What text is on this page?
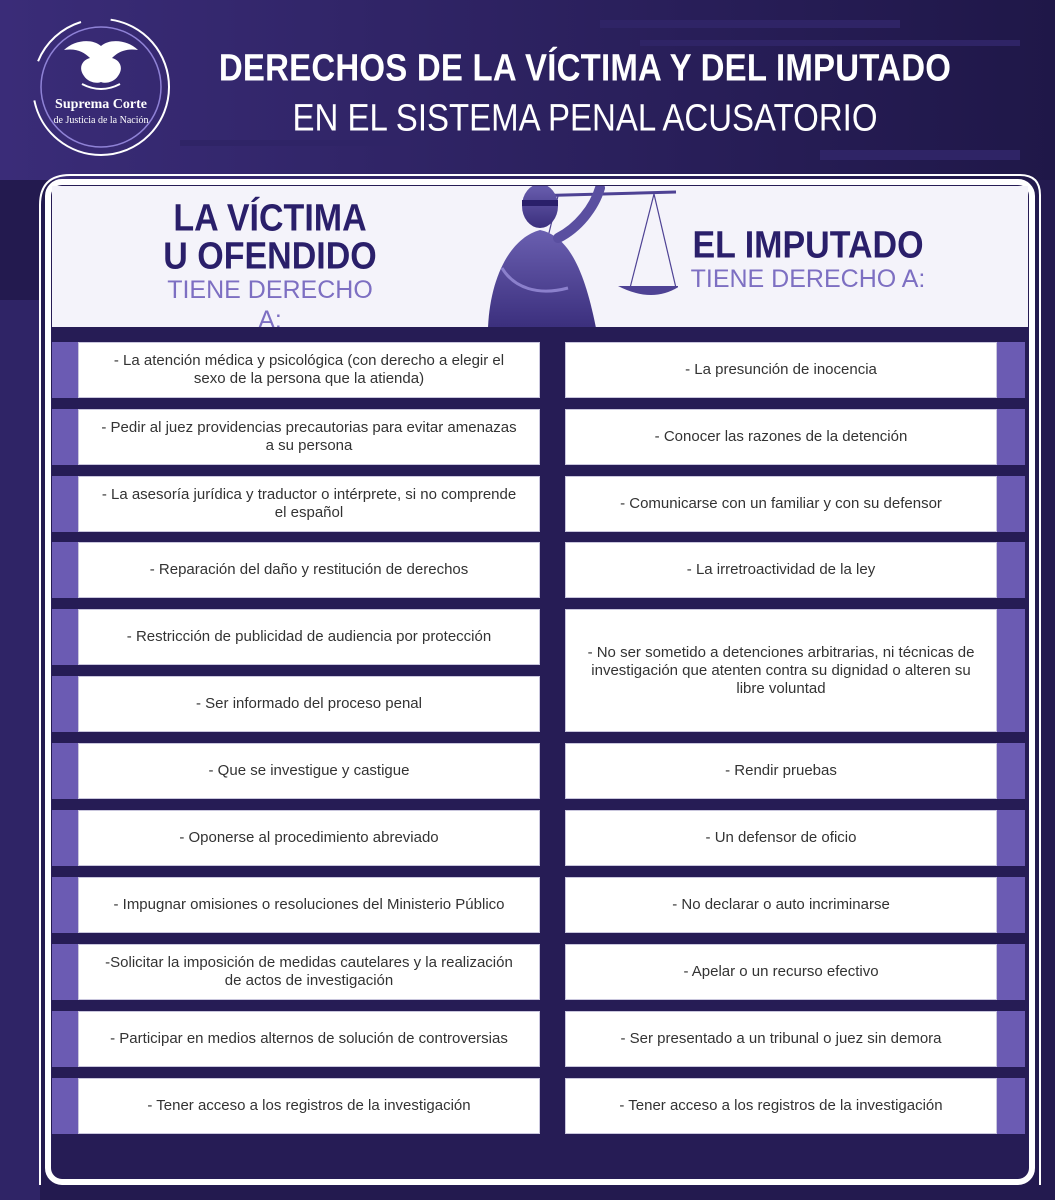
Suprema Corte
de Justicia de la Nación
DERECHOS DE LA VÍCTIMA Y DEL IMPUTADO
EN EL SISTEMA PENAL ACUSATORIO
LA VÍCTIMA
U OFENDIDO
TIENE DERECHO A:
EL IMPUTADO
TIENE DERECHO A:
- La atención médica y psicológica (con derecho a elegir el sexo de la persona que la atienda)
- Pedir al juez providencias precautorias para evitar amenazas a su persona
- La asesoría jurídica y traductor o intérprete, si no comprende el español
- Reparación del daño y restitución de derechos
- Restricción de publicidad de audiencia por protección
- Ser informado del proceso penal
- Que se investigue y castigue
- Oponerse al procedimiento abreviado
- Impugnar omisiones o resoluciones del Ministerio Público
-Solicitar la imposición de medidas cautelares y la realización de actos de investigación
- Participar en medios alternos de solución de controversias
- Tener acceso a los registros de la investigación
- La presunción de inocencia
- Conocer las razones de la detención
- Comunicarse con un familiar y con su defensor
- La irretroactividad de la ley
- No ser sometido a detenciones arbitrarias, ni técnicas de investigación que atenten contra su dignidad o alteren su libre voluntad
- Rendir pruebas
- Un defensor de oficio
- No declarar o auto incriminarse
- Apelar o un recurso efectivo
- Ser presentado a un tribunal o juez sin demora
- Tener acceso a los registros de la investigación
